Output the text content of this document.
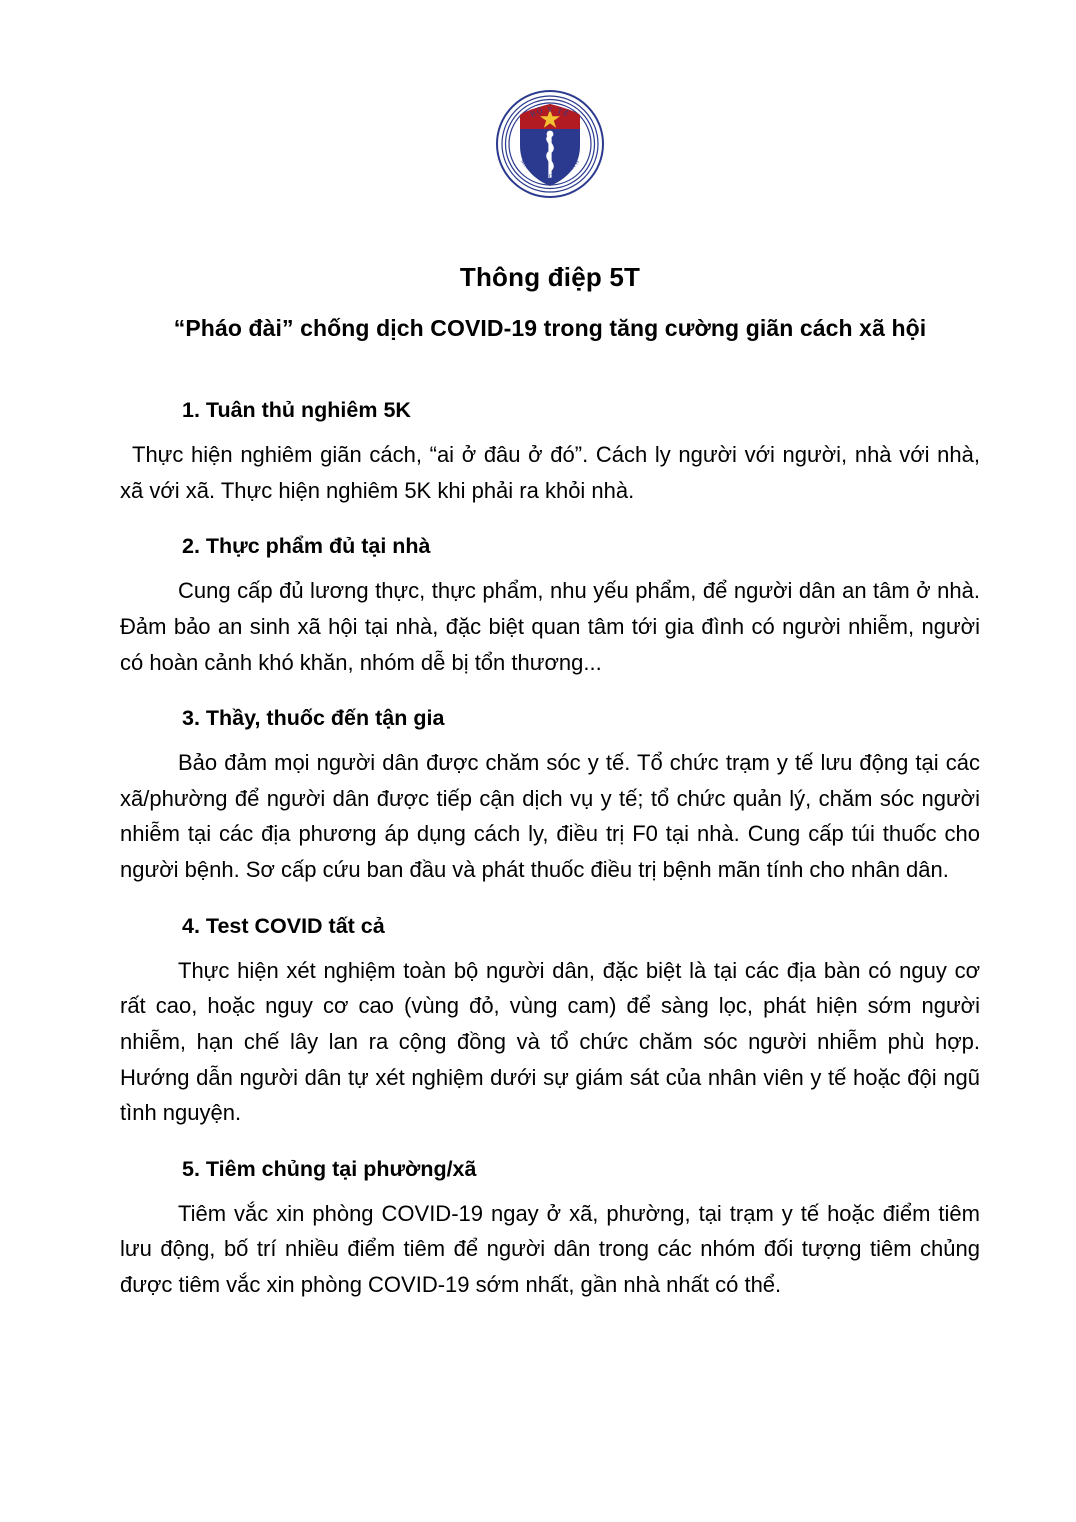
BỘ Y TẾ
MINISTRY OF HEALTH
Thông điệp 5T
“Pháo đài” chống dịch COVID-19 trong tăng cường giãn cách xã hội
1. Tuân thủ nghiêm 5K

Thực hiện nghiêm giãn cách, “ai ở đâu ở đó”. Cách ly người với người, nhà với nhà, xã với xã. Thực hiện nghiêm 5K khi phải ra khỏi nhà.

2. Thực phẩm đủ tại nhà

Cung cấp đủ lương thực, thực phẩm, nhu yếu phẩm, để người dân an tâm ở nhà. Đảm bảo an sinh xã hội tại nhà, đặc biệt quan tâm tới gia đình có người nhiễm, người có hoàn cảnh khó khăn, nhóm dễ bị tổn thương...

3. Thầy, thuốc đến tận gia

Bảo đảm mọi người dân được chăm sóc y tế. Tổ chức trạm y tế lưu động tại các xã/phường để người dân được tiếp cận dịch vụ y tế; tổ chức quản lý, chăm sóc người nhiễm tại các địa phương áp dụng cách ly, điều trị F0 tại nhà. Cung cấp túi thuốc cho người bệnh. Sơ cấp cứu ban đầu và phát thuốc điều trị bệnh mãn tính cho nhân dân.

4. Test COVID tất cả

Thực hiện xét nghiệm toàn bộ người dân, đặc biệt là tại các địa bàn có nguy cơ rất cao, hoặc nguy cơ cao (vùng đỏ, vùng cam) để sàng lọc, phát hiện sớm người nhiễm, hạn chế lây lan ra cộng đồng và tổ chức chăm sóc người nhiễm phù hợp. Hướng dẫn người dân tự xét nghiệm dưới sự giám sát của nhân viên y tế hoặc đội ngũ tình nguyện.

5. Tiêm chủng tại phường/xã

Tiêm vắc xin phòng COVID-19 ngay ở xã, phường, tại trạm y tế hoặc điểm tiêm lưu động, bố trí nhiều điểm tiêm để người dân trong các nhóm đối tượng tiêm chủng được tiêm vắc xin phòng COVID-19 sớm nhất, gần nhà nhất có thể.
